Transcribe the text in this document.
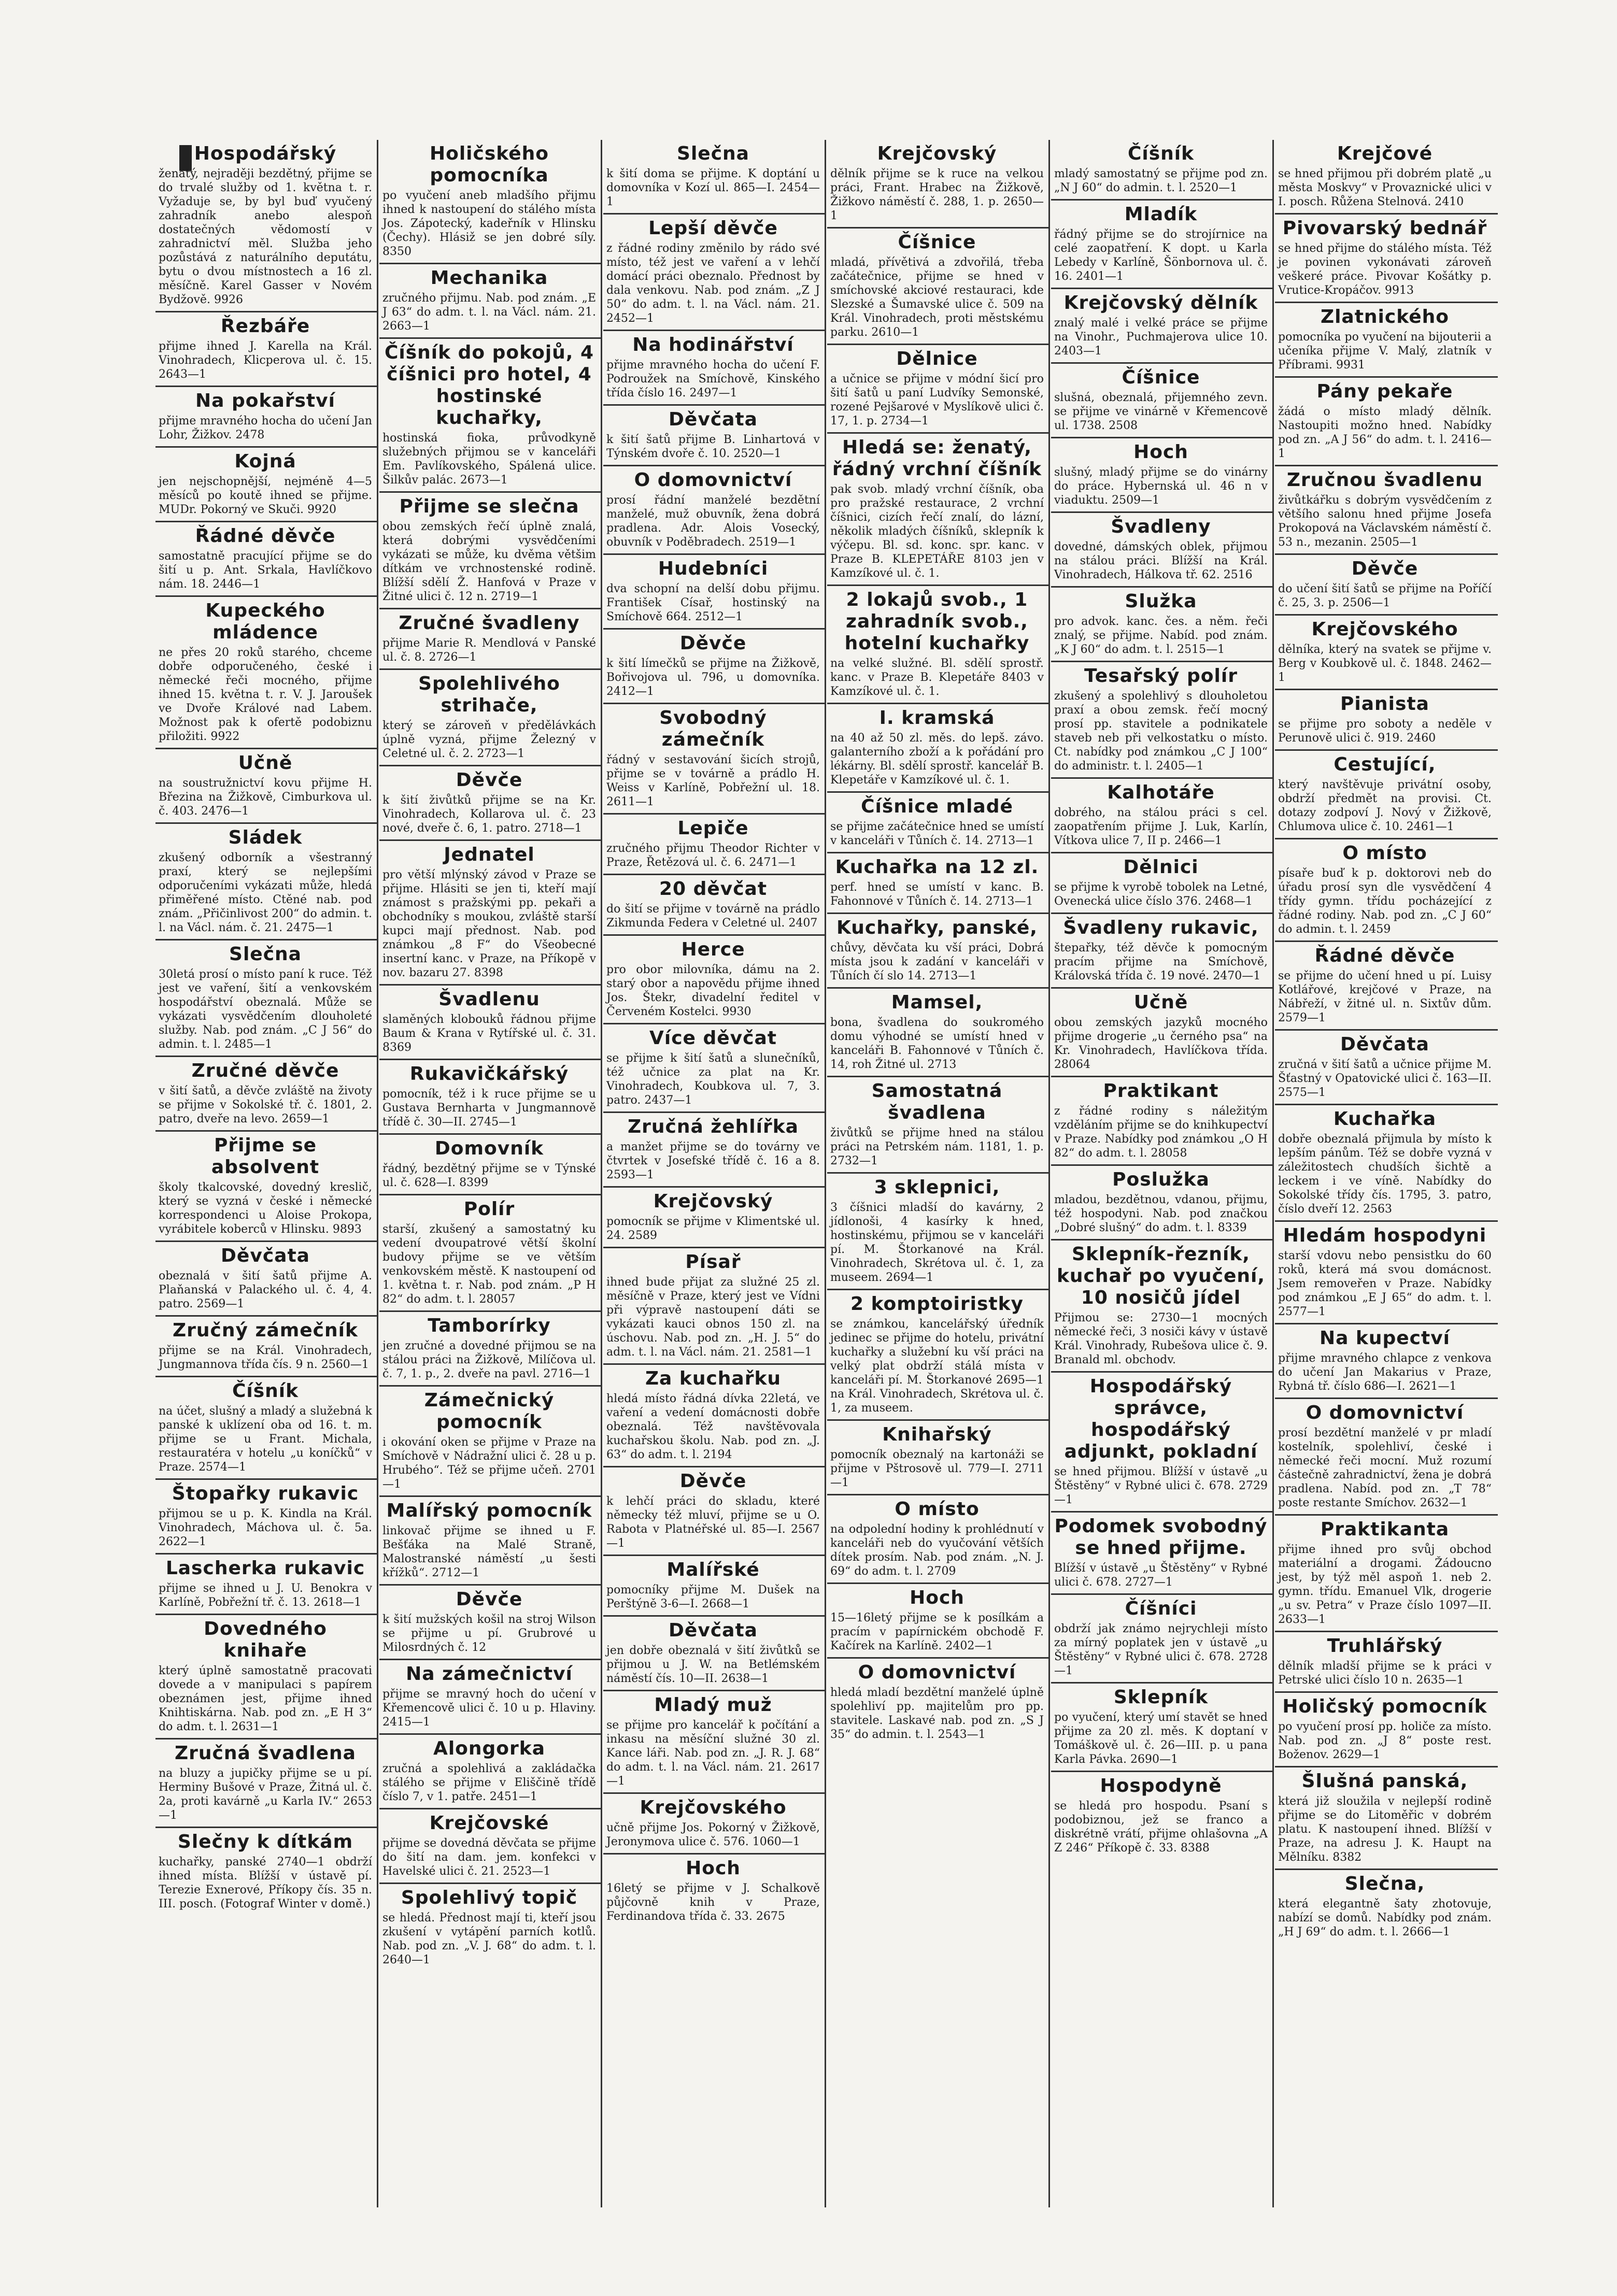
Hospodářský

ženatý, nejraději bezdětný, přijme se do trvalé služby od 1. května t. r. Vyžaduje se, by byl buď vyučený zahradník anebo alespoň dostatečných vědomostí v zahradnictví měl. Služba jeho pozůstává z naturálního deputátu, bytu o dvou místnostech a 16 zl. měsíčně. Karel Gasser v Novém Bydžově. 9926

Řezbáře

přijme ihned J. Karella na Král. Vinohradech, Klicperova ul. č. 15. 2643—1

Na pokařství

přijme mravného hocha do učení Jan Lohr, Žižkov. 2478

Kojná

jen nejschopnější, nejméně 4—5 měsíců po koutě ihned se přijme. MUDr. Pokorný ve Skuči. 9920

Řádné děvče

samostatně pracující přijme se do šití u p. Ant. Srkala, Havlíčkovo nám. 18. 2446—1

Kupeckého mládence

ne přes 20 roků starého, chceme dobře odporučeného, české i německé řeči mocného, přijme ihned 15. května t. r. V. J. Jaroušek ve Dvoře Králové nad Labem. Možnost pak k ofertě podobiznu přiložiti. 9922

Učně

na soustružnictví kovu přijme H. Březina na Žižkově, Cimburkova ul. č. 403. 2476—1

Sládek

zkušený odborník a všestranný praxí, který se nejlepšími odporučeními vykázati může, hledá přiměřené místo. Ctěné nab. pod znám. „Přičinlivost 200“ do admin. t. l. na Václ. nám. č. 21. 2475—1

Slečna

30letá prosí o místo paní k ruce. Též jest ve vaření, šití a venkovském hospodářství obeznalá. Může se vykázati vysvědčením dlouholeté služby. Nab. pod znám. „C J 56“ do admin. t. l. 2485—1

Zručné děvče

v šití šatů, a děvče zvláště na životy se přijme v Sokolské tř. č. 1801, 2. patro, dveře na levo. 2659—1

Přijme se absolvent

školy tkalcovské, dovedný kreslič, který se vyzná v české i německé korrespondenci u Aloise Prokopa, vyrábitele koberců v Hlinsku. 9893

Děvčata

obeznalá v šití šatů přijme A. Plaňanská v Palackého ul. č. 4, 4. patro. 2569—1

Zručný zámečník

přijme se na Král. Vinohradech, Jungmannova třída čís. 9 n. 2560—1

Číšník

na účet, slušný a mladý a služebná k panské k uklízení oba od 16. t. m. přijme se u Frant. Michala, restauratéra v hotelu „u koníčků“ v Praze. 2574—1

Štopařky rukavic

přijmou se u p. K. Kindla na Král. Vinohradech, Máchova ul. č. 5a. 2622—1

Lascherka rukavic

přijme se ihned u J. U. Benokra v Karlíně, Pobřežní tř. č. 13. 2618—1

Dovedného knihaře

který úplně samostatně pracovati dovede a v manipulaci s papírem obeznámen jest, přijme ihned Knihtiskárna. Nab. pod zn. „E H 3“ do adm. t. l. 2631—1

Zručná švadlena

na bluzy a jupičky přijme se u pí. Herminy Bušové v Praze, Žitná ul. č. 2a, proti kavárně „u Karla IV.“ 2653—1

Slečny k dítkám

kuchařky, panské 2740—1 obdrží ihned místa. Blížší v ústavě pí. Terezie Exnerové, Příkopy čís. 35 n. III. posch. (Fotograf Winter v domě.)

Holičského pomocníka

po vyučení aneb mladšího přijmu ihned k nastoupení do stálého místa Jos. Zápotecký, kadeřník v Hlinsku (Čechy). Hlásiž se jen dobré síly. 8350

Mechanika

zručného přijmu. Nab. pod znám. „E J 63“ do adm. t. l. na Václ. nám. 21. 2663—1

Číšník do pokojů, 4 číšnici pro hotel, 4 hostinské kuchařky,

hostinská fioka, průvodkyně služebných přijmou se v kanceláři Em. Pavlíkovského, Spálená ulice. Šilkův palác. 2673—1

Přijme se slečna

obou zemských řečí úplně znalá, která dobrými vysvědčeními vykázati se může, ku dvěma většim dítkám ve vrchnostenské rodině. Blížší sdělí Ž. Hanfová v Praze v Žitné ulici č. 12 n. 2719—1

Zručné švadleny

přijme Marie R. Mendlová v Panské ul. č. 8. 2726—1

Spolehlivého strihače,

který se zároveň v předělávkách úplně vyzná, přijme Železný v Celetné ul. č. 2. 2723—1

Děvče

k šití živůtků přijme se na Kr. Vinohradech, Kollarova ul. č. 23 nové, dveře č. 6, 1. patro. 2718—1

Jednatel

pro větší mlýnský závod v Praze se přijme. Hlásiti se jen ti, kteří mají známost s pražskými pp. pekaři a obchodníky s moukou, zvláště starší kupci mají přednost. Nab. pod známkou „8 F“ do Všeobecné insertní kanc. v Praze, na Příkopě v nov. bazaru 27. 8398

Švadlenu

slaměných klobouků řádnou přijme Baum & Krana v Rytířské ul. č. 31. 8369

Rukavičkářský

pomocník, též i k ruce přijme se u Gustava Bernharta v Jungmannově třídě č. 30—II. 2745—1

Domovník

řádný, bezdětný přijme se v Týnské ul. č. 628—I. 8399

Polír

starší, zkušený a samostatný ku vedení dvoupatrové větší školní budovy přijme se ve větším venkovském městě. K nastoupení od 1. května t. r. Nab. pod znám. „P H 82“ do adm. t. l. 28057

Tamborírky

jen zručné a dovedné přijmou se na stálou práci na Žižkově, Milíčova ul. č. 7, 1. p., 2. dveře na pavl. 2716—1

Zámečnický pomocník

i okování oken se přijme v Praze na Smíchově v Nádražní ulici č. 28 u p. Hrubého“. Též se přijme učeň. 2701—1

Malířský pomocník

linkovač přijme se ihned u F. Bešťáka na Malé Straně, Malostranské náměstí „u šesti křížků“. 2712—1

Děvče

k šití mužských košil na stroj Wilson se přijme u pí. Grubrové u Milosrdných č. 12

Na zámečnictví

přijme se mravný hoch do učení v Křemencově ulici č. 10 u p. Hlaviny. 2415—1

Alongorka

zručná a spolehlivá a zakládačka stálého se přijme v Eliščině třídě číslo 7, v 1. patře. 2451—1

Krejčovské

přijme se dovedná děvčata se přijme do šití na dam. jem. konfekci v Havelské ulici č. 21. 2523—1

Spolehlivý topič

se hledá. Přednost mají ti, kteří jsou zkušení v vytápění parních kotlů. Nab. pod zn. „V. J. 68“ do adm. t. l. 2640—1

Slečna

k šití doma se přijme. K doptání u domovníka v Kozí ul. 865—I. 2454—1

Lepší děvče

z řádné rodiny změnilo by rádo své místo, též jest ve vaření a v lehčí domácí práci obeznalo. Přednost by dala venkovu. Nab. pod znám. „Z J 50“ do adm. t. l. na Václ. nám. 21. 2452—1

Na hodinářství

přijme mravného hocha do učení F. Podroužek na Smíchově, Kinského třída číslo 16. 2497—1

Děvčata

k šití šatů přijme B. Linhartová v Týnském dvoře č. 10. 2520—1

O domovnictví

prosí řádní manželé bezdětní manželé, muž obuvník, žena dobrá pradlena. Adr. Alois Vosecký, obuvník v Poděbradech. 2519—1

Hudebníci

dva schopní na delší dobu přijmu. František Císař, hostinský na Smíchově 664. 2512—1

Děvče

k šití límečků se přijme na Žižkově, Bořivojova ul. 796, u domovníka. 2412—1

Svobodný zámečník

řádný v sestavování šicích strojů, přijme se v továrně a prádlo H. Weiss v Karlíně, Pobřežní ul. 18. 2611—1

Lepiče

zručného přijmu Theodor Richter v Praze, Řetězová ul. č. 6. 2471—1

20 děvčat

do šití se přijme v továrně na prádlo Zikmunda Federa v Celetné ul. 2407

Herce

pro obor milovníka, dámu na 2. starý obor a napovědu přijme ihned Jos. Štekr, divadelní ředitel v Červeném Kostelci. 9930

Více děvčat

se přijme k šití šatů a slunečníků, též učnice za plat na Kr. Vinohradech, Koubkova ul. 7, 3. patro. 2437—1

Zručná žehlířka

a manžet přijme se do továrny ve čtvrtek v Josefské třídě č. 16 a 8. 2593—1

Krejčovský

pomocník se přijme v Klimentské ul. 24. 2589

Písař

ihned bude přijat za služné 25 zl. měsíčně v Praze, který jest ve Vídni při výpravě nastoupení dáti se vykázati kauci obnos 150 zl. na úschovu. Nab. pod zn. „H. J. 5“ do adm. t. l. na Václ. nám. 21. 2581—1

Za kuchařku

hledá místo řádná dívka 22letá, ve vaření a vedení domácnosti dobře obeznalá. Též navštěvovala kuchařskou školu. Nab. pod zn. „J. 63“ do adm. t. l. 2194

Děvče

k lehčí práci do skladu, které německy též mluví, přijme se u O. Rabota v Platnéřské ul. 85—I. 2567—1

Malířské

pomocníky přijme M. Dušek na Perštýně 3-6—I. 2668—1

Děvčata

jen dobře obeznalá v šití živůtků se přijmou u J. W. na Betlémském náměstí čís. 10—II. 2638—1

Mladý muž

se přijme pro kancelář k počítání a inkasu na měsíční služné 30 zl. Kance láři. Nab. pod zn. „J. R. J. 68“ do adm. t. l. na Václ. nám. 21. 2617—1

Krejčovského

učně přijme Jos. Pokorný v Žižkově, Jeronymova ulice č. 576. 1060—1

Hoch

16letý se přijme v J. Schalkově půjčovně knih v Praze, Ferdinandova třída č. 33. 2675

Krejčovský

dělník přijme se k ruce na velkou práci, Frant. Hrabec na Žižkově, Žižkovo náměstí č. 288, 1. p. 2650—1

Číšnice

mladá, přívětivá a zdvořilá, třeba začátečnice, přijme se hned v smíchovské akciové restauraci, kde Slezské a Šumavské ulice č. 509 na Král. Vinohradech, proti městskému parku. 2610—1

Dělnice

a učnice se přijme v módní šicí pro šití šatů u paní Ludvíky Semonské, rozené Pejšarové v Myslíkově ulici č. 17, 1. p. 2734—1

Hledá se: ženatý, řádný vrchní číšník

pak svob. mladý vrchní číšník, oba pro pražské restaurace, 2 vrchní číšnici, cizích řečí znalí, do lázní, několik mladých číšníků, sklepník k výčepu. Bl. sd. konc. spr. kanc. v Praze B. KLEPETÁŘE 8103 jen v Kamzíkové ul. č. 1.

2 lokajů svob., 1 zahradník svob., hotelní kuchařky

na velké služné. Bl. sdělí sprostř. kanc. v Praze B. Klepetáře 8403 v Kamzíkové ul. č. 1.

I. kramská

na 40 až 50 zl. měs. do lepš. závo. galanterního zboží a k pořádání pro lékárny. Bl. sdělí sprostř. kancelář B. Klepetáře v Kamzíkové ul. č. 1.

Číšnice mladé

se přijme začátečnice hned se umístí v kanceláři v Tůních č. 14. 2713—1

Kuchařka na 12 zl.

perf. hned se umístí v kanc. B. Fahonnové v Tůních č. 14. 2713—1

Kuchařky, panské,

chůvy, děvčata ku vší práci, Dobrá místa jsou k zadání v kanceláři v Tůních čí slo 14. 2713—1

Mamsel,

bona, švadlena do soukromého domu výhodné se umístí hned v kanceláři B. Fahonnové v Tůních č. 14, roh Žitné ul. 2713

Samostatná švadlena

živůtků se přijme hned na stálou práci na Petrském nám. 1181, 1. p. 2732—1

3 sklepnici,

3 číšnici mladší do kavárny, 2 jídlonoši, 4 kasírky k hned, hostinskému, přijmou se v kanceláři pí. M. Štorkanové na Král. Vinohradech, Skrétova ul. č. 1, za museem. 2694—1

2 komptoiristky

se známkou, kancelářský úředník jedinec se přijme do hotelu, privátní kuchařky a služební ku vší práci na velký plat obdrží stálá místa v kanceláři pí. M. Štorkanové 2695—1 na Král. Vinohradech, Skrétova ul. č. 1, za museem.

Knihařský

pomocník obeznalý na kartonáži se přijme v Pštrosově ul. 779—I. 2711—1

O místo

na odpolední hodiny k prohlédnutí v kanceláři neb do vyučování větších dítek prosím. Nab. pod znám. „N. J. 69“ do adm. t. l. 2709

Hoch

15—16letý přijme se k posílkám a pracím v papírnickém obchodě F. Kačírek na Karlíně. 2402—1

O domovnictví

hledá mladí bezdětní manželé úplně spolehliví pp. majitelům pro pp. stavitele. Laskavé nab. pod zn. „S J 35“ do admin. t. l. 2543—1

Číšník

mladý samostatný se přijme pod zn. „N J 60“ do admin. t. l. 2520—1

Mladík

řádný přijme se do strojírnice na celé zaopatření. K dopt. u Karla Lebedy v Karlíně, Šönbornova ul. č. 16. 2401—1

Krejčovský dělník

znalý malé i velké práce se přijme na Vinohr., Puchmajerova ulice 10. 2403—1

Číšnice

slušná, obeznalá, přijemného zevn. se přijme ve vinárně v Křemencově ul. 1738. 2508

Hoch

slušný, mladý přijme se do vinárny do práce. Hybernská ul. 46 n v viaduktu. 2509—1

Švadleny

dovedné, dámských oblek, přijmou na stálou práci. Blížší na Král. Vinohradech, Hálkova tř. 62. 2516

Služka

pro advok. kanc. čes. a něm. řeči znalý, se přijme. Nabíd. pod znám. „K J 60“ do adm. t. l. 2515—1

Tesařský polír

zkušený a spolehlivý s dlouholetou praxí a obou zemsk. řečí mocný prosí pp. stavitele a podnikatele staveb neb při velkostatku o místo. Ct. nabídky pod známkou „C J 100“ do administr. t. l. 2405—1

Kalhotáře

dobrého, na stálou práci s cel. zaopatřením přijme J. Luk, Karlín, Vítkova ulice 7, II p. 2466—1

Dělnici

se přijme k vyrobě tobolek na Letné, Ovenecká ulice číslo 376. 2468—1

Švadleny rukavic,

štepařky, též děvče k pomocným pracím přijme na Smíchově, Královská třída č. 19 nové. 2470—1

Učně

obou zemských jazyků mocného přijme drogerie „u černého psa“ na Kr. Vinohradech, Havlíčkova třída. 28064

Praktikant

z řádné rodiny s náležitým vzděláním přijme se do knihkupectví v Praze. Nabídky pod známkou „O H 82“ do adm. t. l. 28058

Poslužka

mladou, bezdětnou, vdanou, přijmu, též hospodyni. Nab. pod značkou „Dobré slušný“ do adm. t. l. 8339

Sklepník-řezník, kuchař po vyučení, 10 nosičů jídel

Přijmou se: 2730—1 mocných německé řeči, 3 nosiči kávy v ústavě Král. Vinohrady, Rubešova ulice č. 9. Branald ml. obchodv.

Hospodářský správce, hospodářský adjunkt, pokladní

se hned přijmou. Blížší v ústavě „u Štěstěny“ v Rybné ulici č. 678. 2729—1

Podomek svobodný se hned přijme.

Blížší v ústavě „u Štěstěny“ v Rybné ulici č. 678. 2727—1

Číšníci

obdrží jak známo nejrychleji místo za mírný poplatek jen v ústavě „u Štěstěny“ v Rybné ulici č. 678. 2728—1

Sklepník

po vyučení, který umí stavět se hned přijme za 20 zl. měs. K doptaní v Tomáškově ul. č. 26—III. p. u pana Karla Pávka. 2690—1

Hospodyně

se hledá pro hospodu. Psaní s podobiznou, jež se franco a diskrétně vrátí, přijme ohlašovna „A Z 246“ Příkopě č. 33. 8388

Krejčové

se hned přijmou při dobrém platě „u města Moskvy“ v Provaznické ulici v I. posch. Růžena Stelnová. 2410

Pivovarský bednář

se hned přijme do stálého místa. Též je povinen vykonávati zároveň veškeré práce. Pivovar Košátky p. Vrutice-Kropáčov. 9913

Zlatnického

pomocníka po vyučení na bijouterii a učeníka přijme V. Malý, zlatník v Příbrami. 9931

Pány pekaře

žádá o místo mladý dělník. Nastoupiti možno hned. Nabídky pod zn. „A J 56“ do adm. t. l. 2416—1

Zručnou švadlenu

živůtkářku s dobrým vysvědčením z většího salonu hned přijme Josefa Prokopová na Václavském náměstí č. 53 n., mezanin. 2505—1

Děvče

do učení šití šatů se přijme na Poříčí č. 25, 3. p. 2506—1

Krejčovského

dělníka, který na svatek se přijme v. Berg v Koubkově ul. č. 1848. 2462—1

Pianista

se přijme pro soboty a neděle v Perunově ulici č. 919. 2460

Cestující,

který navštěvuje privátní osoby, obdrží předmět na provisi. Ct. dotazy zodpoví J. Nový v Žižkově, Chlumova ulice č. 10. 2461—1

O místo

písaře buď k p. doktorovi neb do úřadu prosí syn dle vysvědčení 4 třídy gymn. třídu pocházející z řádné rodiny. Nab. pod zn. „C J 60“ do admin. t. l. 2459

Řádné děvče

se přijme do učení hned u pí. Luisy Kotlářové, krejčové v Praze, na Nábřeží, v žitné ul. n. Sixtův dům. 2579—1

Děvčata

zručná v šití šatů a učnice přijme M. Šťastný v Opatovické ulici č. 163—II. 2575—1

Kuchařka

dobře obeznalá přijmula by místo k lepším pánům. Též se dobře vyzná v záležitostech chudších šichtě a leckem i ve víně. Nabídky do Sokolské třídy čís. 1795, 3. patro, číslo dveří 12. 2563

Hledám hospodyni

starší vdovu nebo pensistku do 60 roků, která má svou domácnost. Jsem removeřen v Praze. Nabídky pod známkou „E J 65“ do adm. t. l. 2577—1

Na kupectví

přijme mravného chlapce z venkova do učení Jan Makarius v Praze, Rybná tř. číslo 686—I. 2621—1

O domovnictví

prosí bezdětní manželé v pr mladí kostelník, spolehliví, české i německé řeči mocní. Muž rozumí částečně zahradnictví, žena je dobrá pradlena. Nabíd. pod zn. „T 78“ poste restante Smíchov. 2632—1

Praktikanta

přijme ihned pro svůj obchod materiální a drogami. Žádoucno jest, by týž měl aspoň 1. neb 2. gymn. třídu. Emanuel Vlk, drogerie „u sv. Petra“ v Praze číslo 1097—II. 2633—1

Truhlářský

dělník mladší přijme se k práci v Petrské ulici číslo 10 n. 2635—1

Holičský pomocník

po vyučení prosí pp. holiče za místo. Nab. pod zn. „J 8“ poste rest. Boženov. 2629—1

Šlušná panská,

která již sloužila v nejlepší rodině přijme se do Litoměřic v dobrém platu. K nastoupení ihned. Blížší v Praze, na adresu J. K. Haupt na Mělníku. 8382

Slečna,

která elegantně šaty zhotovuje, nabízí se domů. Nabídky pod znám. „H J 69“ do adm. t. l. 2666—1
